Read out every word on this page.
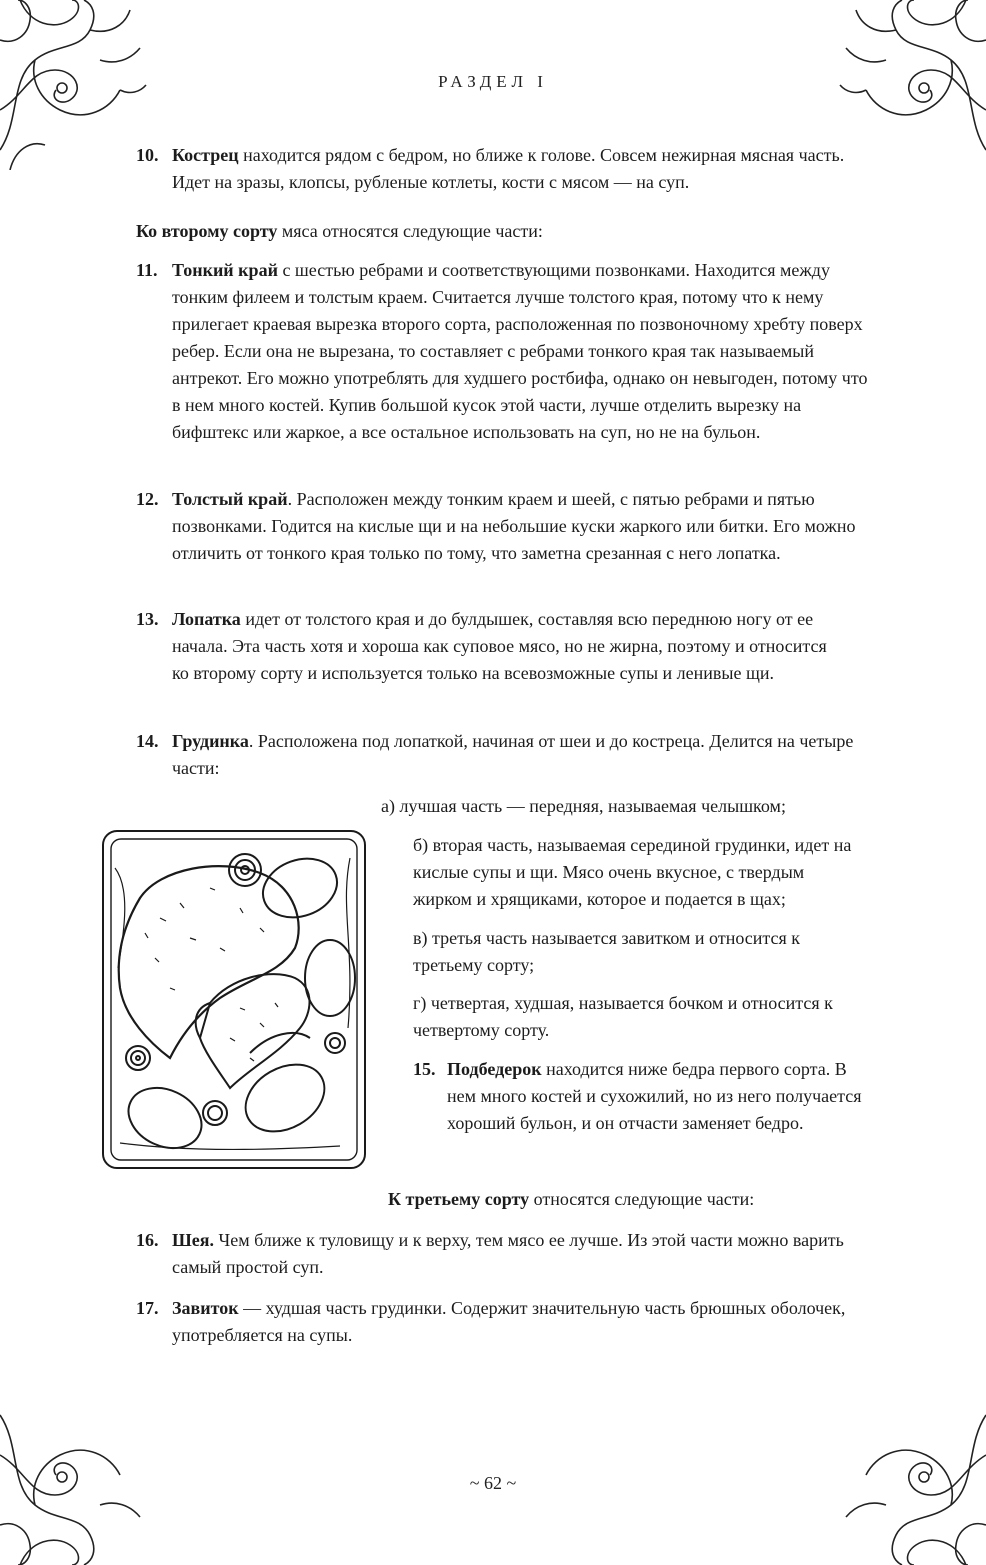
РАЗДЕЛ I
10. Кострец находится рядом с бедром, но ближе к голове. Совсем нежирная мясная часть. Идет на зразы, клопсы, рубленые котлеты, кости с мясом — на суп.
Ко второму сорту мяса относятся следующие части:
11. Тонкий край с шестью ребрами и соответствующими позвонками. Находится между тонким филеем и толстым краем. Считается лучше толстого края, потому что к нему прилегает краевая вырезка второго сорта, расположенная по позвоночному хребту поверх ребер. Если она не вырезана, то составляет с ребрами тонкого края так называемый антрекот. Его можно употреблять для худшего ростбифа, однако он невыгоден, потому что в нем много костей. Купив большой кусок этой части, лучше отделить вырезку на бифштекс или жаркое, а все остальное использовать на суп, но не на бульон.
12. Толстый край. Расположен между тонким краем и шеей, с пятью ребрами и пятью позвонками. Годится на кислые щи и на небольшие куски жаркого или битки. Его можно отличить от тонкого края только по тому, что заметна срезанная с него лопатка.
13. Лопатка идет от толстого края и до булдышек, составляя всю переднюю ногу от ее начала. Эта часть хотя и хороша как суповое мясо, но не жирна, поэтому и относится ко второму сорту и используется только на всевозможные супы и ленивые щи.
14. Грудинка. Расположена под лопаткой, начиная от шеи и до костреца. Делится на четыре части:
а) лучшая часть — передняя, называемая челышком;
б) вторая часть, называемая серединой грудинки, идет на кислые супы и щи. Мясо очень вкусное, с твердым жирком и хрящиками, которое и подается в щах;
в) третья часть называется завитком и относится к третьему сорту;
г) четвертая, худшая, называется бочком и относится к четвертому сорту.
15. Подбедерок находится ниже бедра первого сорта. В нем много костей и сухожилий, но из него получается хороший бульон, и он отчасти заменяет бедро.
К третьему сорту относятся следующие части:
16. Шея. Чем ближе к туловищу и к верху, тем мясо ее лучше. Из этой части можно варить самый простой суп.
17. Завиток — худшая часть грудинки. Содержит значительную часть брюшных оболочек, употребляется на супы.
~ 62 ~
